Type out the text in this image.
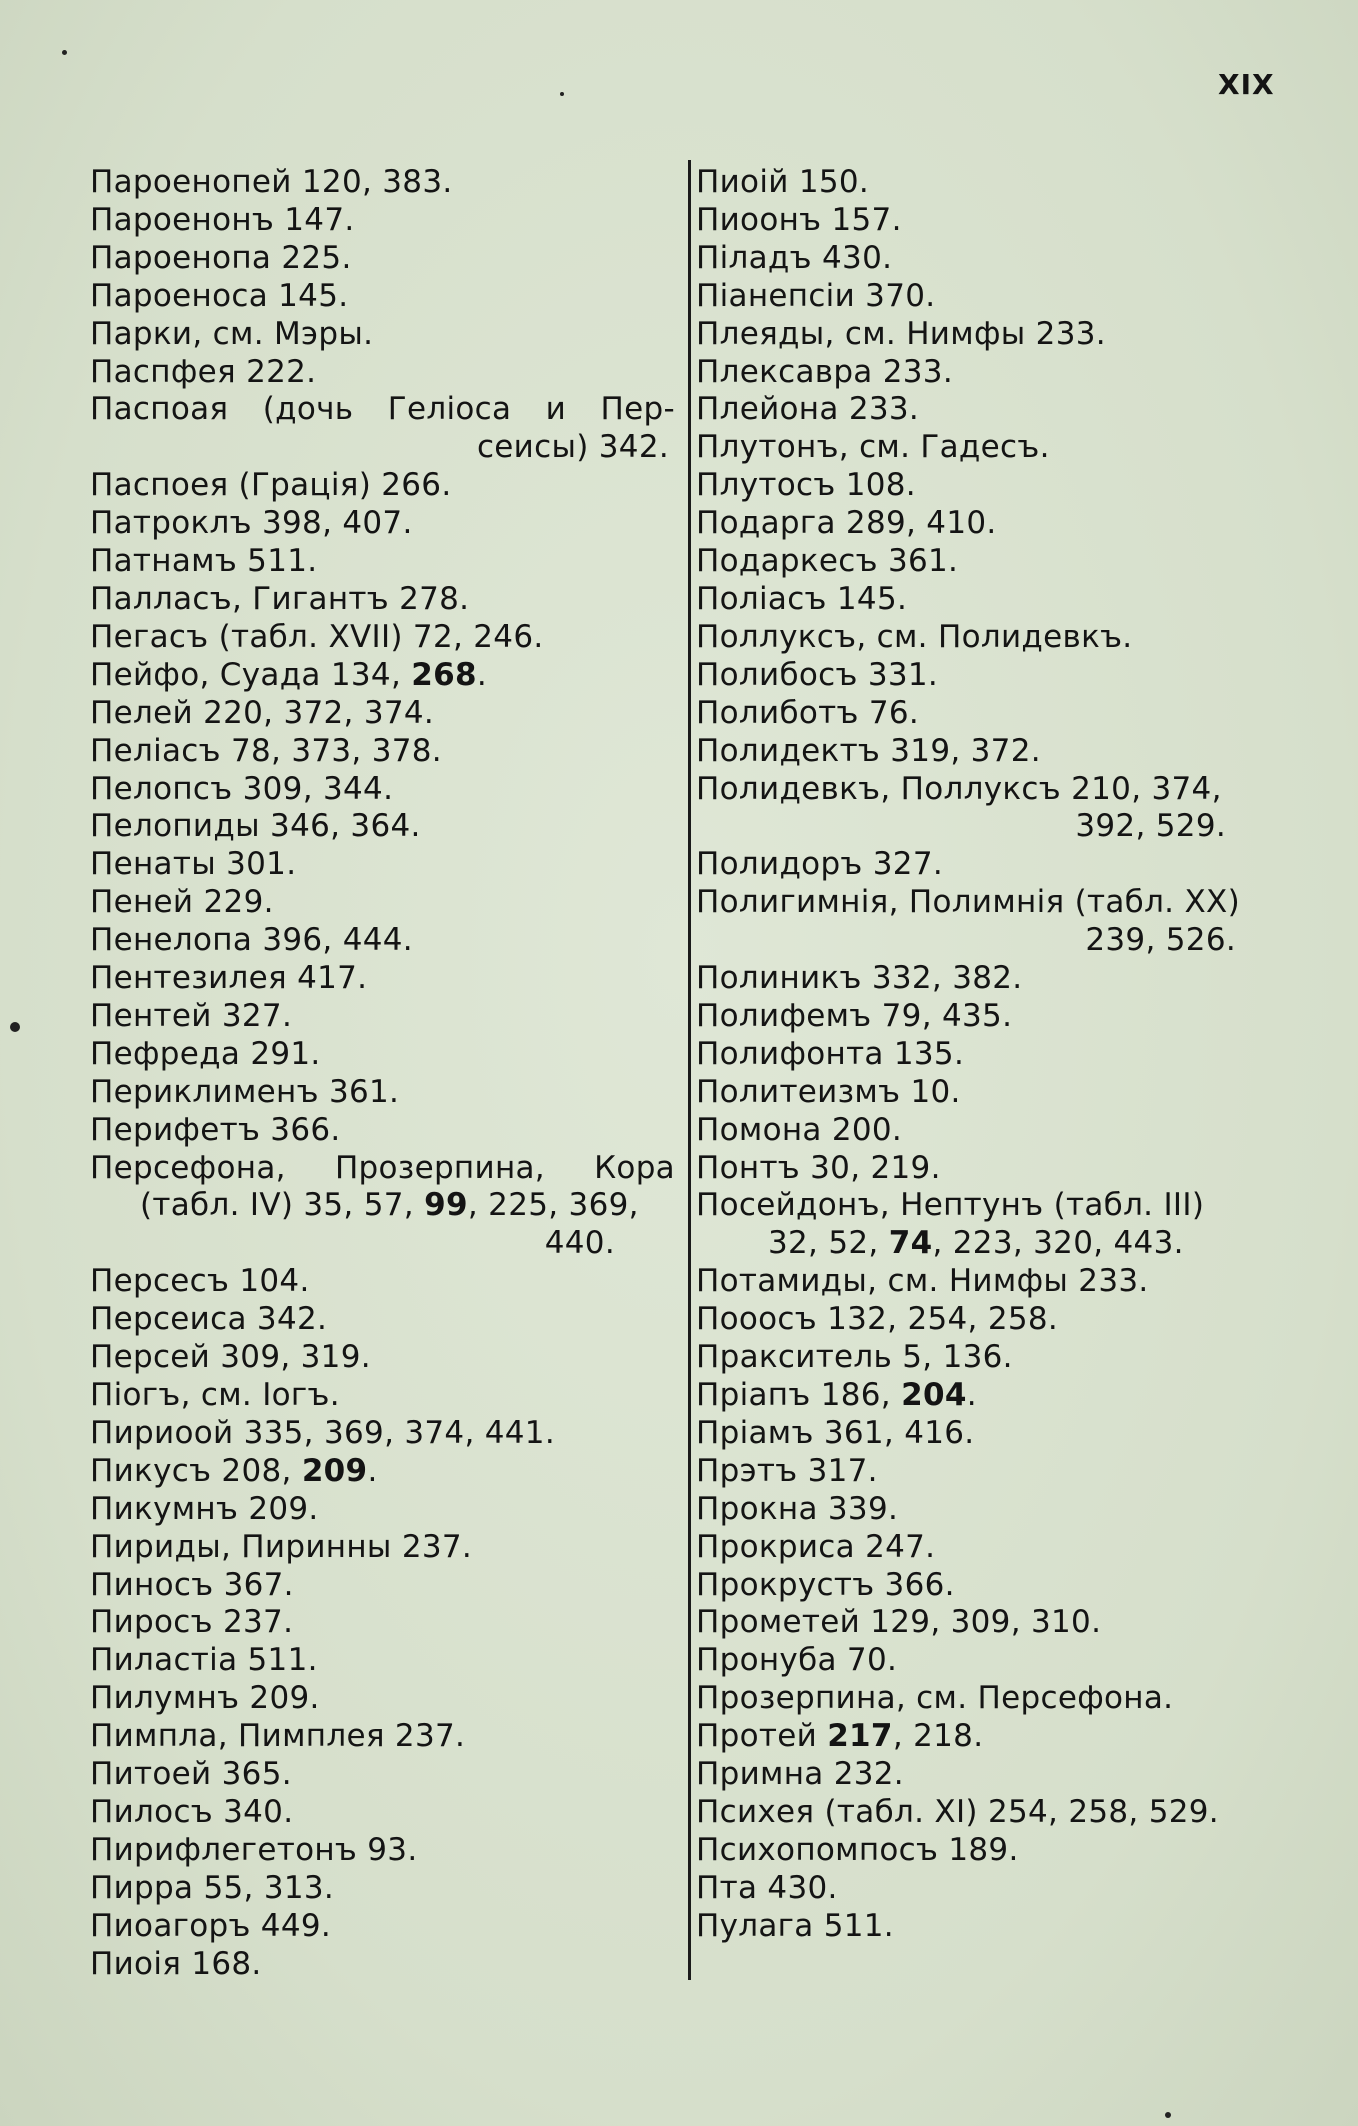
XIX
Пароенопей 120, 383.
Пароенонъ 147.
Пароенопа 225.
Пароеноса 145.
Парки, см. Мэры.
Паспфея 222.
Паспоая (дочь Геліоса и Пер-
сеисы) 342.
Паспоея (Грація) 266.
Патроклъ 398, 407.
Патнамъ 511.
Палласъ, Гигантъ 278.
Пегасъ (табл. XVII) 72, 246.
Пейфо, Суада 134, 268.
Пелей 220, 372, 374.
Пеліасъ 78, 373, 378.
Пелопсъ 309, 344.
Пелопиды 346, 364.
Пенаты 301.
Пеней 229.
Пенелопа 396, 444.
Пентезилея 417.
Пентей 327.
Пефреда 291.
Периклименъ 361.
Перифетъ 366.
Персефона, Прозерпина, Кора
(табл. IV) 35, 57, 99, 225, 369,
440.
Персесъ 104.
Персеиса 342.
Персей 309, 319.
Піогъ, см. Іогъ.
Пириоой 335, 369, 374, 441.
Пикусъ 208, 209.
Пикумнъ 209.
Пириды, Пиринны 237.
Пиносъ 367.
Пиросъ 237.
Пиластіа 511.
Пилумнъ 209.
Пимпла, Пимплея 237.
Питоей 365.
Пилосъ 340.
Пирифлегетонъ 93.
Пирра 55, 313.
Пиоагоръ 449.
Пиоія 168.
Пиоій 150.
Пиоонъ 157.
Піладъ 430.
Піанепсіи 370.
Плеяды, см. Нимфы 233.
Плексавра 233.
Плейона 233.
Плутонъ, см. Гадесъ.
Плутосъ 108.
Подарга 289, 410.
Подаркесъ 361.
Поліасъ 145.
Поллуксъ, см. Полидевкъ.
Полибосъ 331.
Полиботъ 76.
Полидектъ 319, 372.
Полидевкъ, Поллуксъ 210, 374,
392, 529.
Полидоръ 327.
Полигимнія, Полимнія (табл. XX)
239, 526.
Полиникъ 332, 382.
Полифемъ 79, 435.
Полифонта 135.
Политеизмъ 10.
Помона 200.
Понтъ 30, 219.
Посейдонъ, Нептунъ (табл. III)
32, 52, 74, 223, 320, 443.
Потамиды, см. Нимфы 233.
Пооосъ 132, 254, 258.
Пракситель 5, 136.
Пріапъ 186, 204.
Пріамъ 361, 416.
Прэтъ 317.
Прокна 339.
Прокриса 247.
Прокрустъ 366.
Прометей 129, 309, 310.
Пронуба 70.
Прозерпина, см. Персефона.
Протей 217, 218.
Примна 232.
Психея (табл. XI) 254, 258, 529.
Психопомпосъ 189.
Пта 430.
Пулага 511.
